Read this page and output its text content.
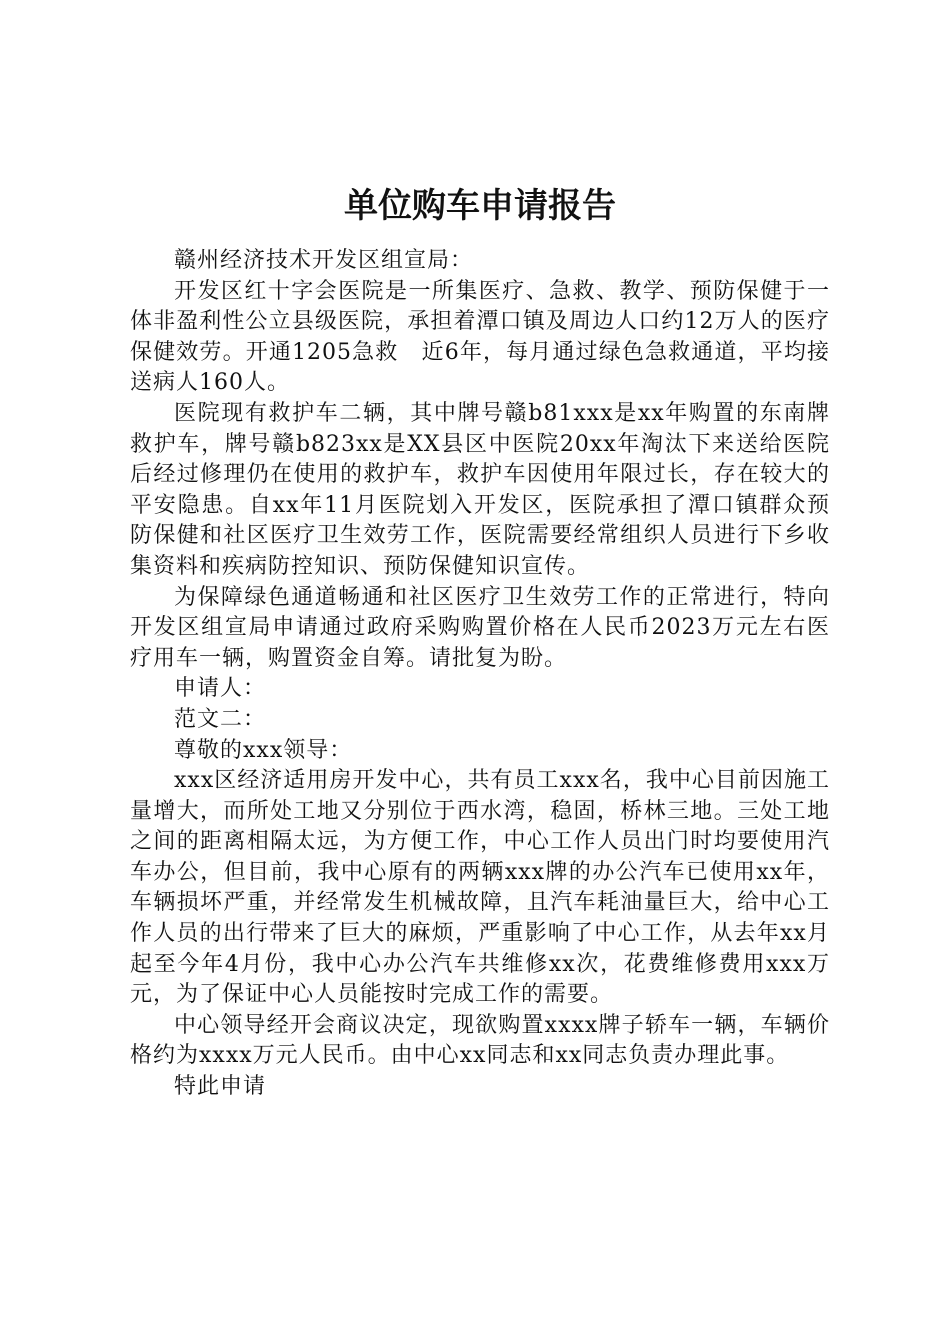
单位购车申请报告

赣州经济技术开发区组宣局：

开发区红十字会医院是一所集医疗、急救、教学、预防保健于一体非盈利性公立县级医院，承担着潭口镇及周边人口约12万人的医疗保健效劳。开通1205急救　近6年，每月通过绿色急救通道，平均接送病人160人。

医院现有救护车二辆，其中牌号赣b81xxx是xx年购置的东南牌救护车，牌号赣b823xx是XX县区中医院20xx年淘汰下来送给医院后经过修理仍在使用的救护车，救护车因使用年限过长，存在较大的平安隐患。自xx年11月医院划入开发区，医院承担了潭口镇群众预防保健和社区医疗卫生效劳工作，医院需要经常组织人员进行下乡收集资料和疾病防控知识、预防保健知识宣传。

为保障绿色通道畅通和社区医疗卫生效劳工作的正常进行，特向开发区组宣局申请通过政府采购购置价格在人民币2023万元左右医疗用车一辆，购置资金自筹。请批复为盼。

申请人：

范文二：

尊敬的xxx领导：

xxx区经济适用房开发中心，共有员工xxx名，我中心目前因施工量增大，而所处工地又分别位于西水湾，稳固，桥林三地。三处工地之间的距离相隔太远，为方便工作，中心工作人员出门时均要使用汽车办公，但目前，我中心原有的两辆xxx牌的办公汽车已使用xx年，车辆损坏严重，并经常发生机械故障，且汽车耗油量巨大，给中心工作人员的出行带来了巨大的麻烦，严重影响了中心工作，从去年xx月起至今年4月份，我中心办公汽车共维修xx次，花费维修费用xxx万元，为了保证中心人员能按时完成工作的需要。

中心领导经开会商议决定，现欲购置xxxx牌子轿车一辆，车辆价格约为xxxx万元人民币。由中心xx同志和xx同志负责办理此事。

特此申请
